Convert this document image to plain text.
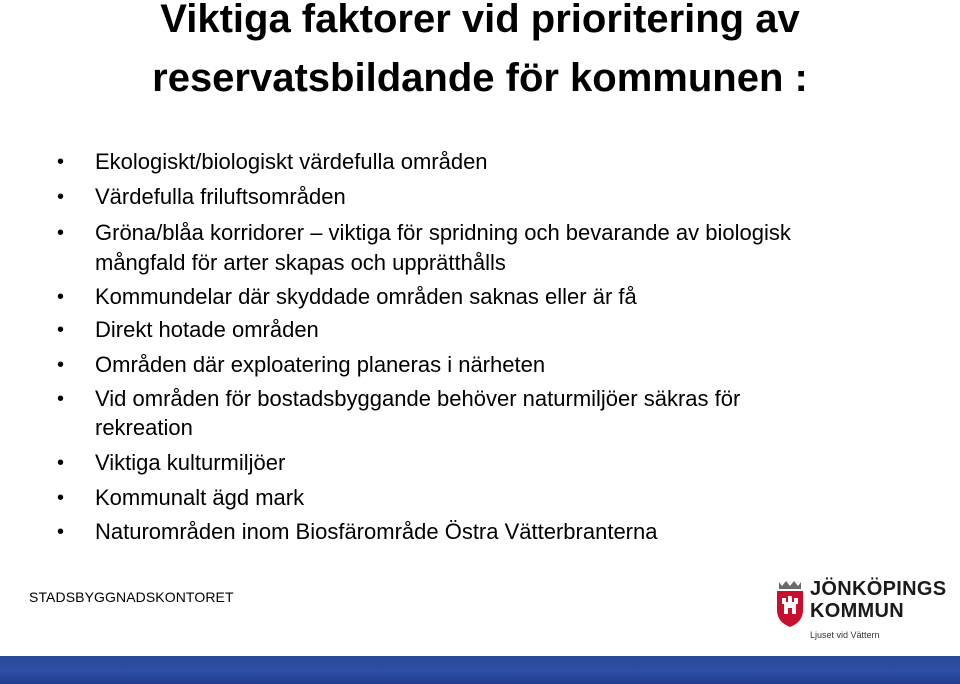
Viktiga faktorer vid prioritering av
reservatsbildande för kommunen :
• Ekologiskt/biologiskt värdefulla områden
• Värdefulla friluftsområden
• Gröna/blåa korridorer – viktiga för spridning och bevarande av biologisk
mångfald för arter skapas och upprätthålls
• Kommundelar där skyddade områden saknas eller är få
• Direkt hotade områden
• Områden där exploatering planeras i närheten
• Vid områden för bostadsbyggande behöver naturmiljöer säkras för
rekreation
• Viktiga kulturmiljöer
• Kommunalt ägd mark
• Naturområden inom Biosfärområde Östra Vätterbranterna
STADSBYGGNADSKONTORET	JÖNKÖPINGS
KOMMUN
Ljuset vid Vättern
